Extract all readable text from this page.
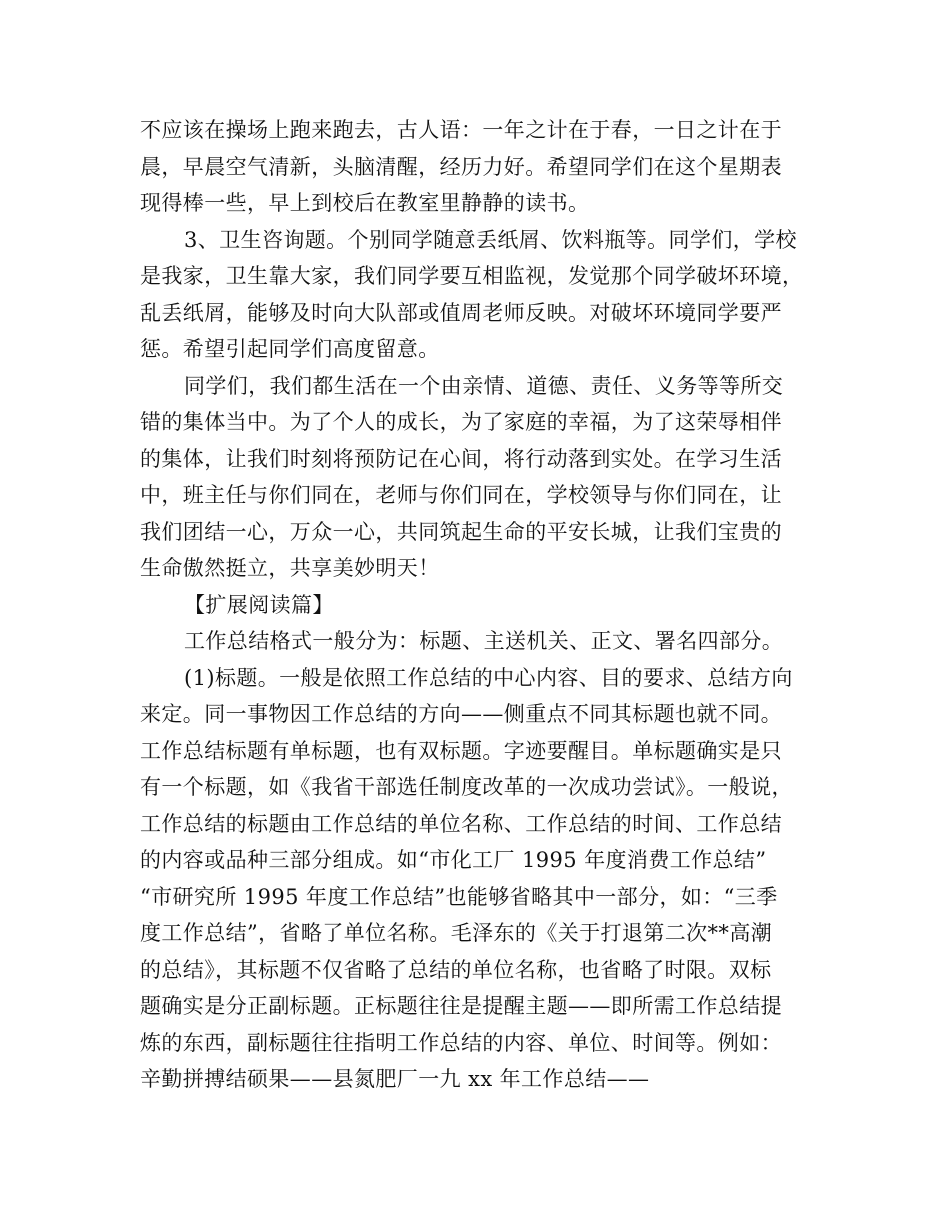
不应该在操场上跑来跑去，古人语：一年之计在于春，一日之计在于
晨，早晨空气清新，头脑清醒，经历力好。希望同学们在这个星期表
现得棒一些，早上到校后在教室里静静的读书。
3、卫生咨询题。个别同学随意丢纸屑、饮料瓶等。同学们，学校
是我家，卫生靠大家，我们同学要互相监视，发觉那个同学破坏环境，
乱丢纸屑，能够及时向大队部或值周老师反映。对破坏环境同学要严
惩。希望引起同学们高度留意。
同学们，我们都生活在一个由亲情、道德、责任、义务等等所交
错的集体当中。为了个人的成长，为了家庭的幸福，为了这荣辱相伴
的集体，让我们时刻将预防记在心间，将行动落到实处。在学习生活
中，班主任与你们同在，老师与你们同在，学校领导与你们同在，让
我们团结一心，万众一心，共同筑起生命的平安长城，让我们宝贵的
生命傲然挺立，共享美妙明天！
【扩展阅读篇】
工作总结格式一般分为：标题、主送机关、正文、署名四部分。
(1)标题。一般是依照工作总结的中心内容、目的要求、总结方向
来定。同一事物因工作总结的方向——侧重点不同其标题也就不同。
工作总结标题有单标题，也有双标题。字迹要醒目。单标题确实是只
有一个标题，如《我省干部选任制度改革的一次成功尝试》。一般说，
工作总结的标题由工作总结的单位名称、工作总结的时间、工作总结
的内容或品种三部分组成。如“市化工厂 1995 年度消费工作总结”
“市研究所 1995 年度工作总结”也能够省略其中一部分，如：“三季
度工作总结”，省略了单位名称。毛泽东的《关于打退第二次**高潮
的总结》，其标题不仅省略了总结的单位名称，也省略了时限。双标
题确实是分正副标题。正标题往往是提醒主题——即所需工作总结提
炼的东西，副标题往往指明工作总结的内容、单位、时间等。例如：
辛勤拼搏结硕果——县氮肥厂一九 xx 年工作总结——
